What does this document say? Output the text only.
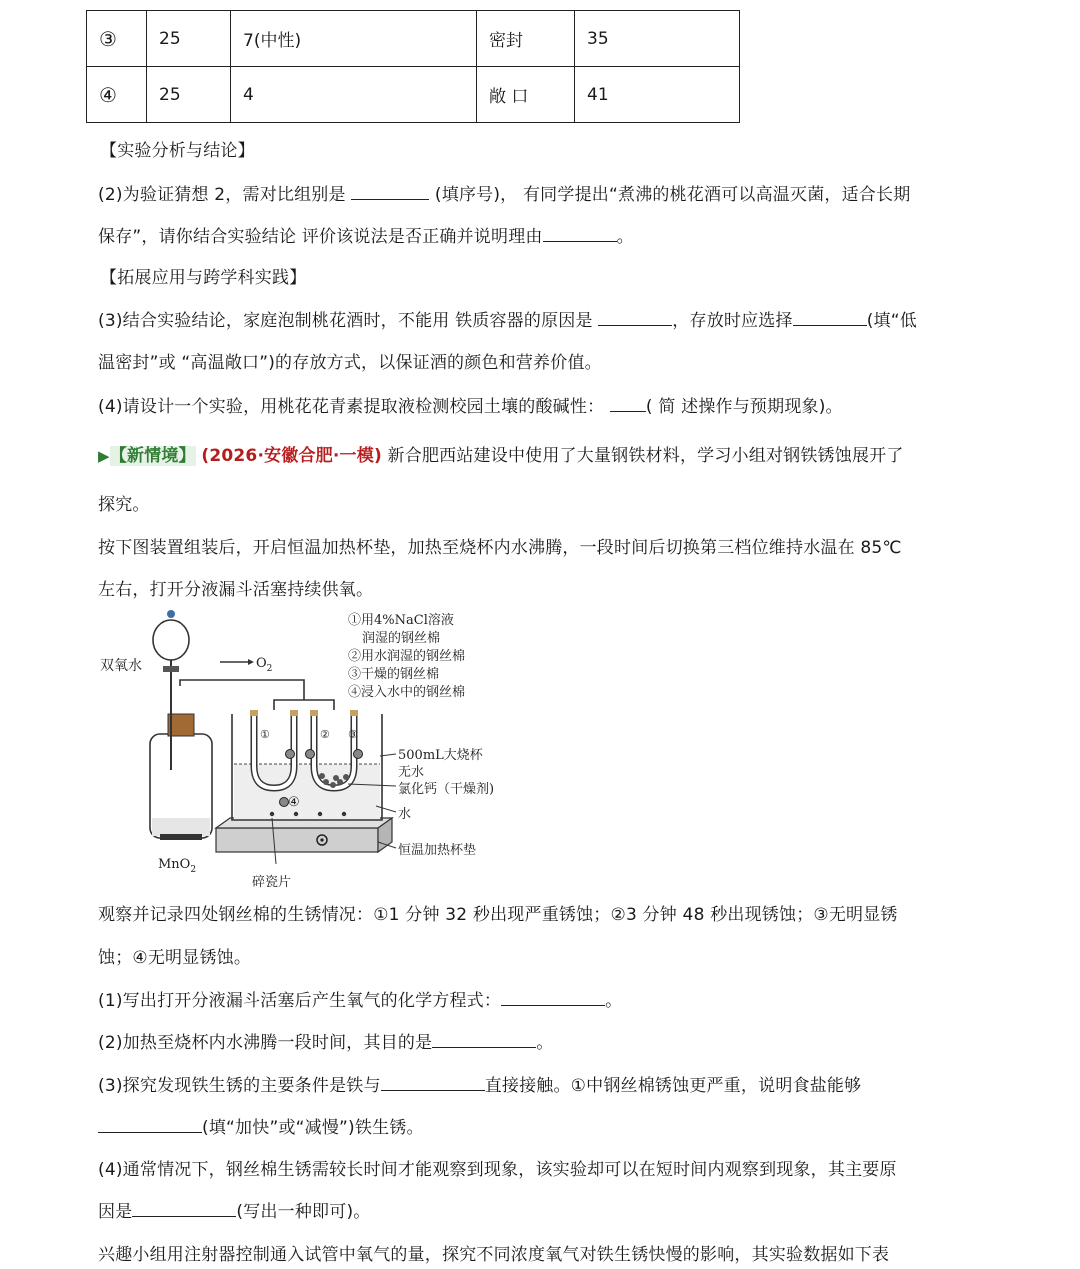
③	25	7(中性)	密封	35
④	25	4	敞 口	41
【实验分析与结论】
(2)为验证猜想 2，需对比组别是	(填序号)， 有同学提出“煮沸的桃花酒可以高温灭菌，适合长期
保存”，请你结合实验结论 评价该说法是否正确并说明理由	。
【拓展应用与跨学科实践】
(3)结合实验结论，家庭泡制桃花酒时，不能用 铁质容器的原因是	，存放时应选择	(填“低
温密封”或 “高温敞口”)的存放方式，以保证酒的颜色和营养价值。
(4)请设计一个实验，用桃花花青素提取液检测校园土壤的酸碱性： ( 简 述操作与预期现象)。
▶【新情境】 (2026·安徽合肥·一模) 新合肥西站建设中使用了大量钢铁材料，学习小组对钢铁锈蚀展开了
探究。
按下图装置组装后，开启恒温加热杯垫，加热至烧杯内水沸腾，一段时间后切换第三档位维持水温在 85℃
左右，打开分液漏斗活塞持续供氧。
双氧水	$O_2$
MnO$_2$
①用4%NaCl溶液
润湿的钢丝棉
②用水润湿的钢丝棉
③干燥的钢丝棉
④浸入水中的钢丝棉
500mL大烧杯
无水
氯化钙（干燥剂)
水
恒温加热杯垫
碎瓷片
①	② ③
④
观察并记录四处钢丝棉的生锈情况：①1 分钟 32 秒出现严重锈蚀；②3 分钟 48 秒出现锈蚀；③无明显锈
蚀；④无明显锈蚀。
(1)写出打开分液漏斗活塞后产生氧气的化学方程式：	。
(2)加热至烧杯内水沸腾一段时间，其目的是	。
(3)探究发现铁生锈的主要条件是铁与	直接接触。①中钢丝棉锈蚀更严重，说明食盐能够
(填“加快”或“减慢”)铁生锈。
(4)通常情况下，钢丝棉生锈需较长时间才能观察到现象，该实验却可以在短时间内观察到现象，其主要原
因是	(写出一种即可)。
兴趣小组用注射器控制通入试管中氧气的量，探究不同浓度氧气对铁生锈快慢的影响，其实验数据如下表
